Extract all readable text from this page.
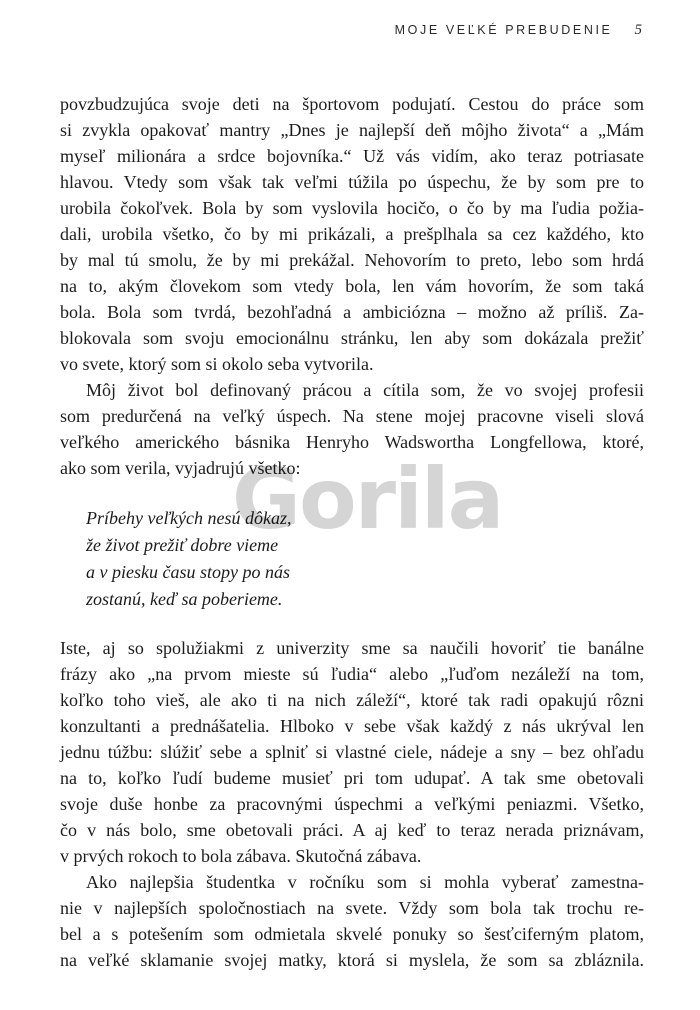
MOJE VEĽKÉ PREBUDENIE 5
povzbudzujúca svoje deti na športovom podujatí. Cestou do práce som
si zvykla opakovať mantry „Dnes je najlepší deň môjho života“ a „Mám
myseľ milionára a srdce bojovníka.“ Už vás vidím, ako teraz potriasate
hlavou. Vtedy som však tak veľmi túžila po úspechu, že by som pre to
urobila čokoľvek. Bola by som vyslovila hocičo, o čo by ma ľudia požia-
dali, urobila všetko, čo by mi prikázali, a prešplhala sa cez každého, kto
by mal tú smolu, že by mi prekážal. Nehovorím to preto, lebo som hrdá
na to, akým človekom som vtedy bola, len vám hovorím, že som taká
bola. Bola som tvrdá, bezohľadná a ambiciózna – možno až príliš. Za-
blokovala som svoju emocionálnu stránku, len aby som dokázala prežiť
vo svete, ktorý som si okolo seba vytvorila.
Môj život bol definovaný prácou a cítila som, že vo svojej profesii
som predurčená na veľký úspech. Na stene mojej pracovne viseli slová
veľkého amerického básnika Henryho Wadswortha Longfellowa, ktoré,
ako som verila, vyjadrujú všetko:
Príbehy veľkých nesú dôkaz,
že život prežiť dobre vieme
a v piesku času stopy po nás
zostanú, keď sa poberieme.
Iste, aj so spolužiakmi z univerzity sme sa naučili hovoriť tie banálne
frázy ako „na prvom mieste sú ľudia“ alebo „ľuďom nezáleží na tom,
koľko toho vieš, ale ako ti na nich záleží“, ktoré tak radi opakujú rôzni
konzultanti a prednášatelia. Hlboko v sebe však každý z nás ukrýval len
jednu túžbu: slúžiť sebe a splniť si vlastné ciele, nádeje a sny – bez ohľadu
na to, koľko ľudí budeme musieť pri tom udupať. A tak sme obetovali
svoje duše honbe za pracovnými úspechmi a veľkými peniazmi. Všetko,
čo v nás bolo, sme obetovali práci. A aj keď to teraz nerada priznávam,
v prvých rokoch to bola zábava. Skutočná zábava.
Ako najlepšia študentka v ročníku som si mohla vyberať zamestna-
nie v najlepších spoločnostiach na svete. Vždy som bola tak trochu re-
bel a s potešením som odmietala skvelé ponuky so šesťciferným platom,
na veľké sklamanie svojej matky, ktorá si myslela, že som sa zbláznila.
Gorila
